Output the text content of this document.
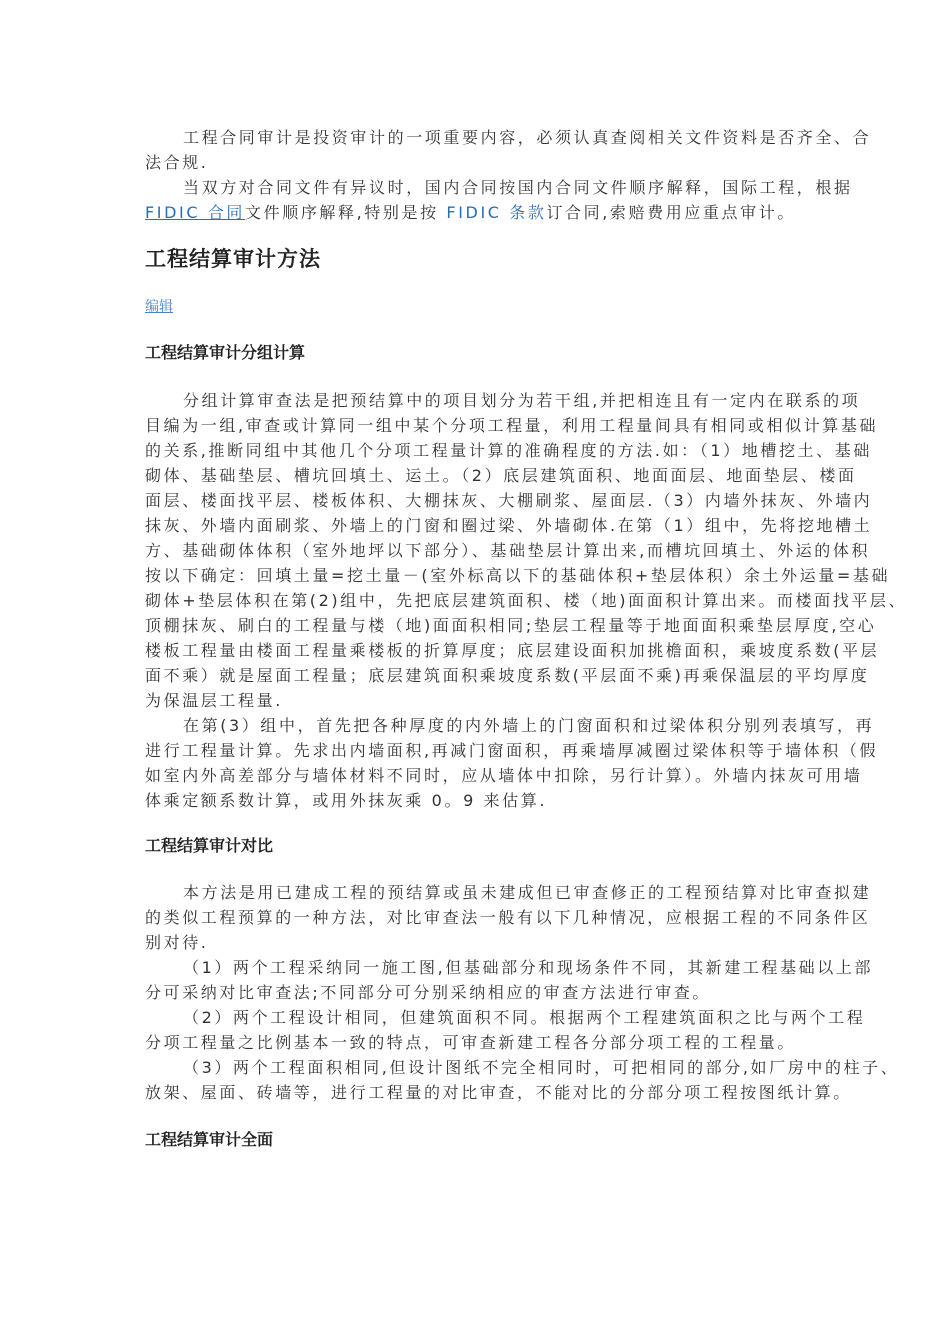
工程合同审计是投资审计的一项重要内容，必须认真查阅相关文件资料是否齐全、合
法合规.
当双方对合同文件有异议时，国内合同按国内合同文件顺序解释，国际工程，根据
FIDIC 合同文件顺序解释,特别是按 FIDIC 条款订合同,索赔费用应重点审计。
工程结算审计方法
编辑
工程结算审计分组计算
分组计算审查法是把预结算中的项目划分为若干组,并把相连且有一定内在联系的项
目编为一组,审查或计算同一组中某个分项工程量，利用工程量间具有相同或相似计算基础
的关系,推断同组中其他几个分项工程量计算的准确程度的方法.如：（1）地槽挖土、基础
砌体、基础垫层、槽坑回填土、运土。（2）底层建筑面积、地面面层、地面垫层、楼面
面层、楼面找平层、楼板体积、大棚抹灰、大棚刷浆、屋面层.（3）内墙外抹灰、外墙内
抹灰、外墙内面刷浆、外墙上的门窗和圈过梁、外墙砌体.在第（1）组中，先将挖地槽土
方、基础砌体体积（室外地坪以下部分）、基础垫层计算出来,而槽坑回填土、外运的体积
按以下确定：回填土量=挖土量－(室外标高以下的基础体积+垫层体积）余土外运量=基础
砌体+垫层体积在第(2)组中，先把底层建筑面积、楼（地)面面积计算出来。而楼面找平层、
顶棚抹灰、刷白的工程量与楼（地)面面积相同;垫层工程量等于地面面积乘垫层厚度,空心
楼板工程量由楼面工程量乘楼板的折算厚度；底层建设面积加挑檐面积，乘坡度系数(平层
面不乘）就是屋面工程量；底层建筑面积乘坡度系数(平层面不乘)再乘保温层的平均厚度
为保温层工程量.
在第(3）组中，首先把各种厚度的内外墙上的门窗面积和过梁体积分别列表填写，再
进行工程量计算。先求出内墙面积,再减门窗面积，再乘墙厚减圈过梁体积等于墙体积（假
如室内外高差部分与墙体材料不同时，应从墙体中扣除，另行计算）。外墙内抹灰可用墙
体乘定额系数计算，或用外抹灰乘 0。9 来估算.
工程结算审计对比
本方法是用已建成工程的预结算或虽未建成但已审查修正的工程预结算对比审查拟建
的类似工程预算的一种方法，对比审查法一般有以下几种情况，应根据工程的不同条件区
别对待.
（1）两个工程采纳同一施工图,但基础部分和现场条件不同，其新建工程基础以上部
分可采纳对比审查法;不同部分可分别采纳相应的审查方法进行审查。
（2）两个工程设计相同，但建筑面积不同。根据两个工程建筑面积之比与两个工程
分项工程量之比例基本一致的特点，可审查新建工程各分部分项工程的工程量。
（3）两个工程面积相同,但设计图纸不完全相同时，可把相同的部分,如厂房中的柱子、
放架、屋面、砖墙等，进行工程量的对比审查，不能对比的分部分项工程按图纸计算。
工程结算审计全面
